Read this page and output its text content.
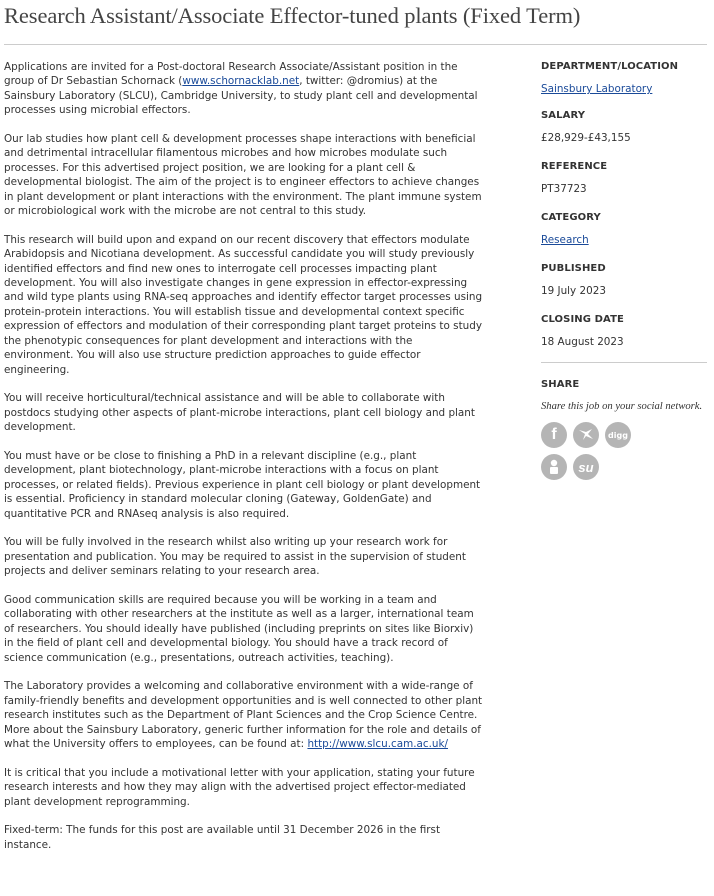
Research Assistant/Associate Effector-tuned plants (Fixed Term)

Applications are invited for a Post-doctoral Research Associate/Assistant position in the group of Dr Sebastian Schornack (www.schornacklab.net, twitter: @dromius) at the Sainsbury Laboratory (SLCU), Cambridge University, to study plant cell and developmental processes using microbial effectors.

Our lab studies how plant cell & development processes shape interactions with beneficial and detrimental intracellular filamentous microbes and how microbes modulate such processes. For this advertised project position, we are looking for a plant cell & developmental biologist. The aim of the project is to engineer effectors to achieve changes in plant development or plant interactions with the environment. The plant immune system or microbiological work with the microbe are not central to this study.

This research will build upon and expand on our recent discovery that effectors modulate Arabidopsis and Nicotiana development. As successful candidate you will study previously identified effectors and find new ones to interrogate cell processes impacting plant development. You will also investigate changes in gene expression in effector-expressing and wild type plants using RNA-seq approaches and identify effector target processes using protein-protein interactions. You will establish tissue and developmental context specific expression of effectors and modulation of their corresponding plant target proteins to study the phenotypic consequences for plant development and interactions with the environment. You will also use structure prediction approaches to guide effector engineering.

You will receive horticultural/technical assistance and will be able to collaborate with postdocs studying other aspects of plant-microbe interactions, plant cell biology and plant development.

You must have or be close to finishing a PhD in a relevant discipline (e.g., plant development, plant biotechnology, plant-microbe interactions with a focus on plant processes, or related fields). Previous experience in plant cell biology or plant development is essential. Proficiency in standard molecular cloning (Gateway, GoldenGate) and quantitative PCR and RNAseq analysis is also required.

You will be fully involved in the research whilst also writing up your research work for presentation and publication. You may be required to assist in the supervision of student projects and deliver seminars relating to your research area.

Good communication skills are required because you will be working in a team and collaborating with other researchers at the institute as well as a larger, international team of researchers. You should ideally have published (including preprints on sites like Biorxiv) in the field of plant cell and developmental biology. You should have a track record of science communication (e.g., presentations, outreach activities, teaching).

The Laboratory provides a welcoming and collaborative environment with a wide-range of family-friendly benefits and development opportunities and is well connected to other plant research institutes such as the Department of Plant Sciences and the Crop Science Centre. More about the Sainsbury Laboratory, generic further information for the role and details of what the University offers to employees, can be found at: http://www.slcu.cam.ac.uk/

It is critical that you include a motivational letter with your application, stating your future research interests and how they may align with the advertised project effector-mediated plant development reprogramming.

Fixed-term: The funds for this post are available until 31 December 2026 in the first instance.

DEPARTMENT/LOCATION
Sainsbury Laboratory
SALARY
£28,929-£43,155
REFERENCE
PT37723
CATEGORY
Research
PUBLISHED
19 July 2023
CLOSING DATE
18 August 2023
SHARE
Share this job on your social network.
f	digg
su
